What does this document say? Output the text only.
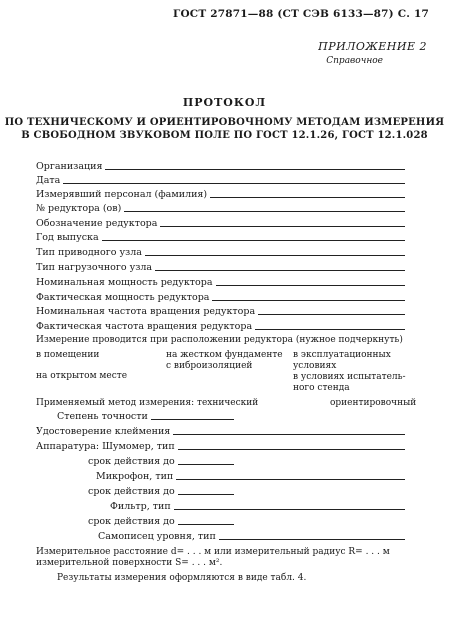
ГОСТ 27871—88 (СТ СЭВ 6133—87) С. 17
ПРИЛОЖЕНИЕ 2
Справочное
ПРОТОКОЛ
ПО ТЕХНИЧЕСКОМУ И ОРИЕНТИРОВОЧНОМУ МЕТОДАМ ИЗМЕРЕНИЯ
В СВОБОДНОМ ЗВУКОВОМ ПОЛЕ ПО ГОСТ 12.1.26, ГОСТ 12.1.028
Организация
Дата
Измерявший персонал (фамилия)
№ редуктора (ов)
Обозначение редуктора
Год выпуска
Тип приводного узла
Тип нагрузочного узла
Номинальная мощность редуктора
Фактическая мощность редуктора
Номинальная частота вращения редуктора
Фактическая частота вращения редуктора
Измерение проводится при расположении редуктора (нужное подчеркнуть)
в помещении
на открытом месте
на жестком фундаменте
с виброизоляцией
в эксплуатационных условиях
в условиях испытатель-ного стенда
Применяемый метод измерения: технический	ориентировочный
Степень точности
Удостоверение клеймения
Аппаратура: Шумомер, тип
срок действия до
Микрофон, тип
срок действия до
Фильтр, тип
срок действия до
Самописец уровня, тип
Измерительное расстояние d= . . . м или измерительный радиус R= . . . м
измерительной поверхности S= . . . м².
Результаты измерения оформляются в виде табл. 4.
